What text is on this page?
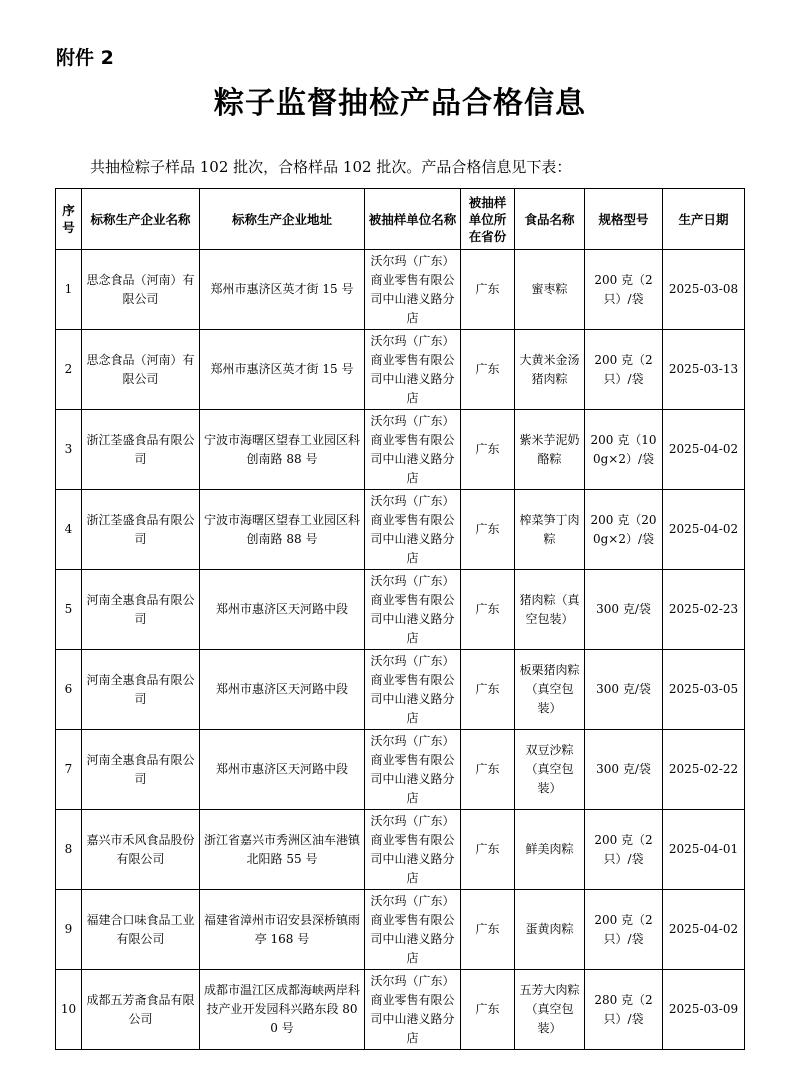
附件 2
粽子监督抽检产品合格信息
共抽检粽子样品 102 批次，合格样品 102 批次。产品合格信息见下表：
序号	标称生产企业名称	标称生产企业地址	被抽样单位名称	被抽样单位所在省份	食品名称	规格型号	生产日期
1	思念食品（河南）有限公司	郑州市惠济区英才街 15 号	沃尔玛（广东）商业零售有限公司中山港义路分店	广东	蜜枣粽	200 克（2 只）/袋	2025-03-08
2	思念食品（河南）有限公司	郑州市惠济区英才街 15 号	沃尔玛（广东）商业零售有限公司中山港义路分店	广东	大黄米金汤猪肉粽	200 克（2 只）/袋	2025-03-13
3	浙江荃盛食品有限公司	宁波市海曙区望春工业园区科创南路 88 号	沃尔玛（广东）商业零售有限公司中山港义路分店	广东	紫米芋泥奶酪粽	200 克（100g×2）/袋	2025-04-02
4	浙江荃盛食品有限公司	宁波市海曙区望春工业园区科创南路 88 号	沃尔玛（广东）商业零售有限公司中山港义路分店	广东	榨菜笋丁肉粽	200 克（200g×2）/袋	2025-04-02
5	河南全惠食品有限公司	郑州市惠济区天河路中段	沃尔玛（广东）商业零售有限公司中山港义路分店	广东	猪肉粽（真空包装）	300 克/袋	2025-02-23
6	河南全惠食品有限公司	郑州市惠济区天河路中段	沃尔玛（广东）商业零售有限公司中山港义路分店	广东	板栗猪肉粽（真空包装）	300 克/袋	2025-03-05
7	河南全惠食品有限公司	郑州市惠济区天河路中段	沃尔玛（广东）商业零售有限公司中山港义路分店	广东	双豆沙粽（真空包装）	300 克/袋	2025-02-22
8	嘉兴市禾风食品股份有限公司	浙江省嘉兴市秀洲区油车港镇北阳路 55 号	沃尔玛（广东）商业零售有限公司中山港义路分店	广东	鲜美肉粽	200 克（2 只）/袋	2025-04-01
9	福建合口味食品工业有限公司	福建省漳州市诏安县深桥镇雨亭 168 号	沃尔玛（广东）商业零售有限公司中山港义路分店	广东	蛋黄肉粽	200 克（2 只）/袋	2025-04-02
10	成都五芳斋食品有限公司	成都市温江区成都海峡两岸科技产业开发园科兴路东段 800 号	沃尔玛（广东）商业零售有限公司中山港义路分店	广东	五芳大肉粽（真空包装）	280 克（2 只）/袋	2025-03-09
